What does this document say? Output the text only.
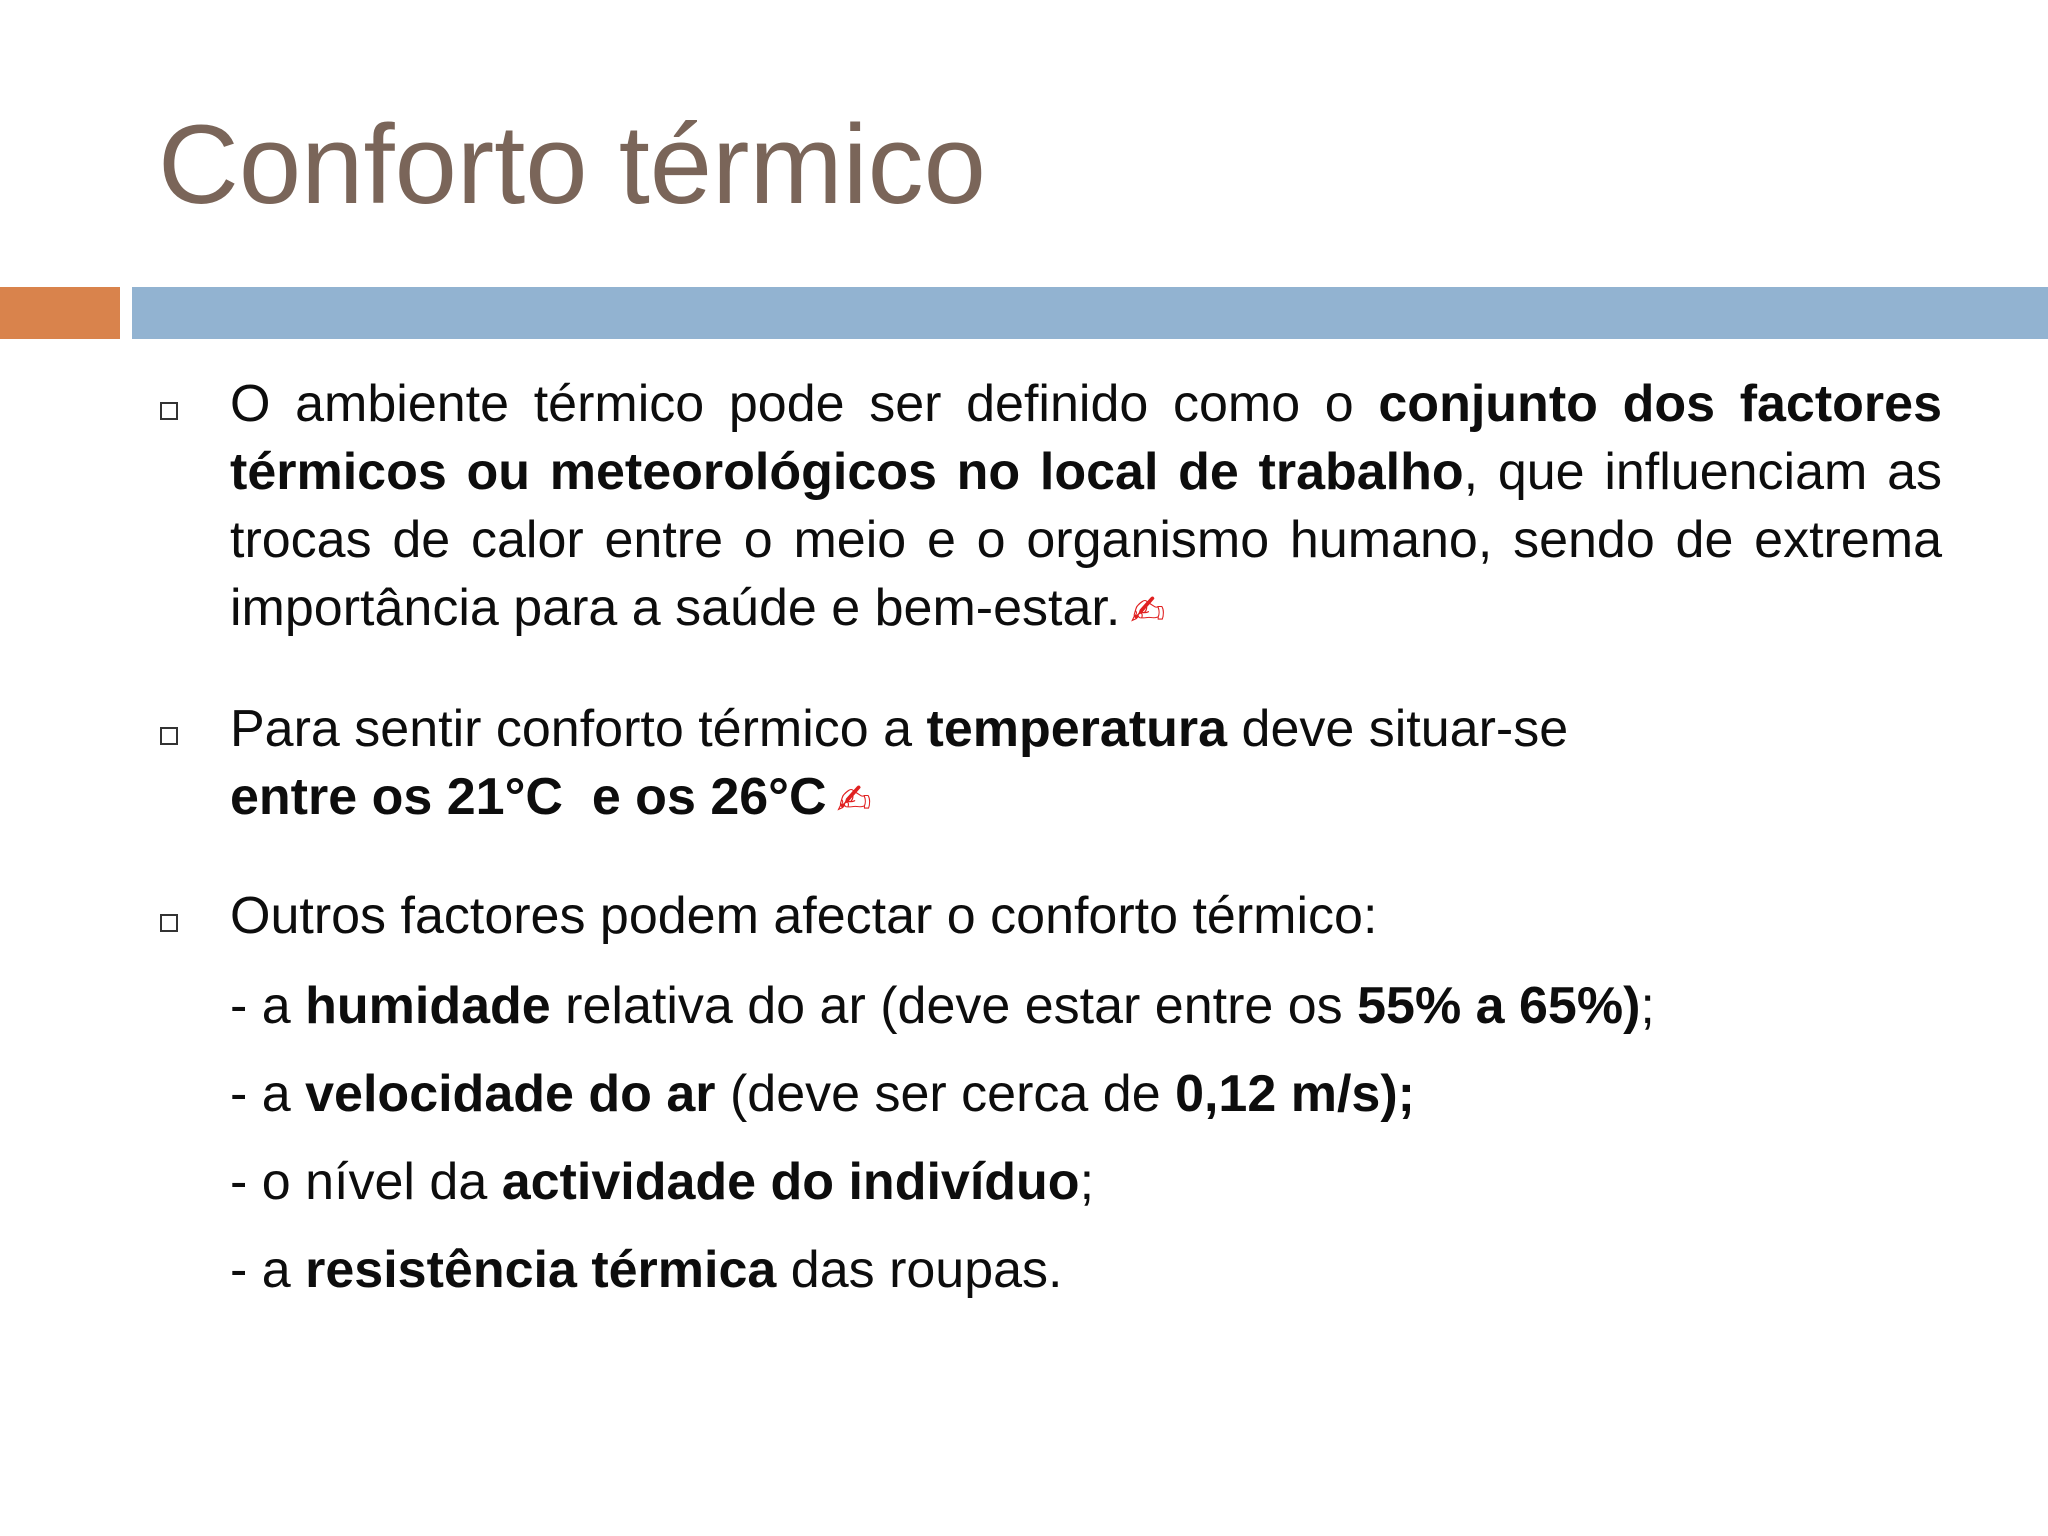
Conforto térmico
O ambiente térmico pode ser definido como o conjunto dos factores térmicos ou meteorológicos no local de trabalho, que influenciam as trocas de calor entre o meio e o organismo humano, sendo de extrema importância para a saúde e bem-estar. ✍
Para sentir conforto térmico a temperatura deve situar-se entre os 21°C  e os 26°C ✍
Outros factores podem afectar o conforto térmico:
- a humidade relativa do ar (deve estar entre os 55% a 65%);
- a velocidade do ar (deve ser cerca de 0,12 m/s);
- o nível da actividade do indivíduo;
- a resistência térmica das roupas.
